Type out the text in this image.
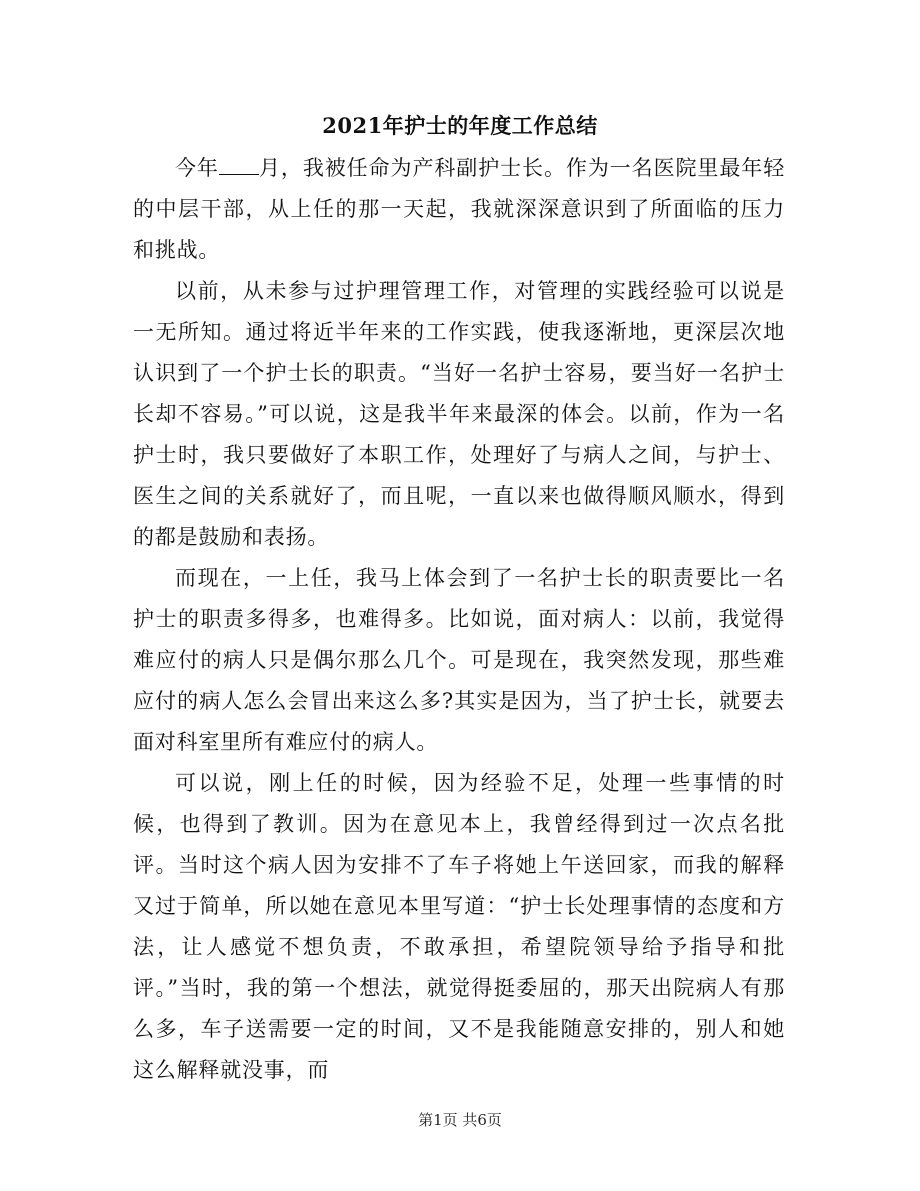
2021年护士的年度工作总结

今年 月，我被任命为产科副护士长。作为一名医院里最年轻的中层干部，从上任的那一天起，我就深深意识到了所面临的压力和挑战。

以前，从未参与过护理管理工作，对管理的实践经验可以说是一无所知。通过将近半年来的工作实践，使我逐渐地，更深层次地认识到了一个护士长的职责。“当好一名护士容易，要当好一名护士长却不容易。”可以说，这是我半年来最深的体会。以前，作为一名护士时，我只要做好了本职工作，处理好了与病人之间，与护士、医生之间的关系就好了，而且呢，一直以来也做得顺风顺水，得到的都是鼓励和表扬。

而现在，一上任，我马上体会到了一名护士长的职责要比一名护士的职责多得多，也难得多。比如说，面对病人：以前，我觉得难应付的病人只是偶尔那么几个。可是现在，我突然发现，那些难应付的病人怎么会冒出来这么多?其实是因为，当了护士长，就要去面对科室里所有难应付的病人。

可以说，刚上任的时候，因为经验不足，处理一些事情的时候，也得到了教训。因为在意见本上，我曾经得到过一次点名批评。当时这个病人因为安排不了车子将她上午送回家，而我的解释又过于简单，所以她在意见本里写道：“护士长处理事情的态度和方法，让人感觉不想负责，不敢承担，希望院领导给予指导和批评。”当时，我的第一个想法，就觉得挺委屈的，那天出院病人有那么多，车子送需要一定的时间，又不是我能随意安排的，别人和她这么解释就没事，而

第1页 共6页
